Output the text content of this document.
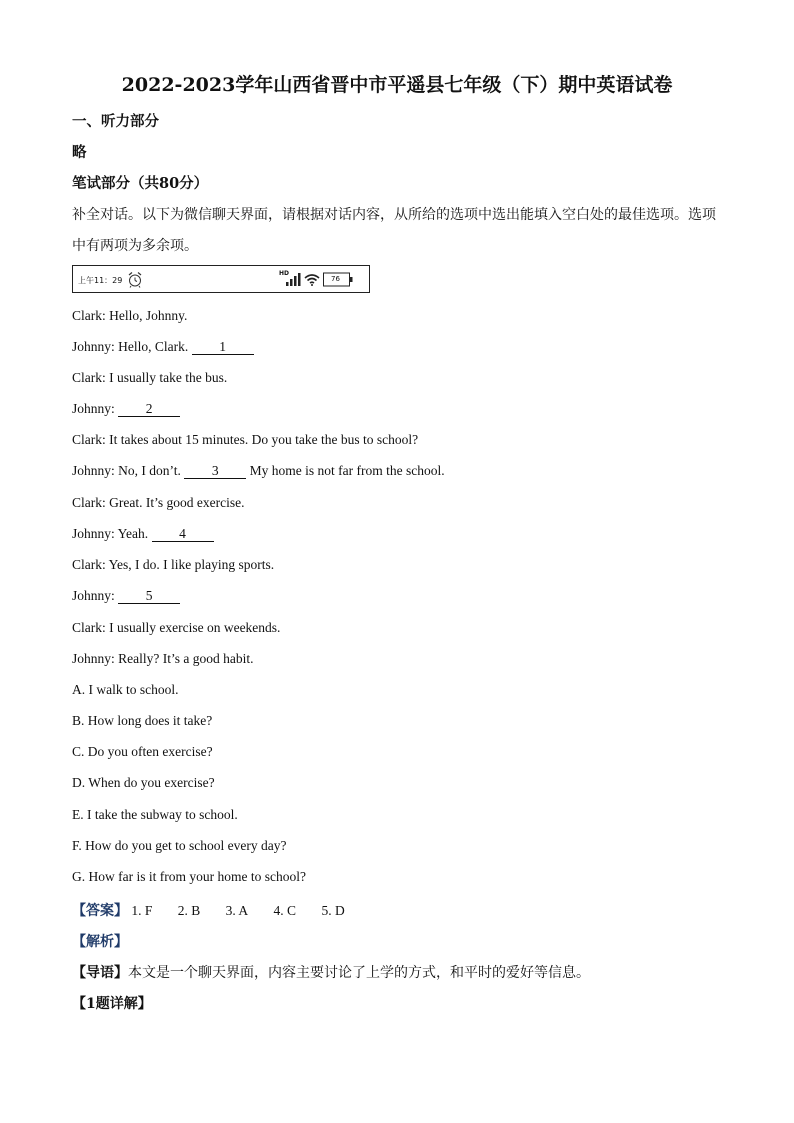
2022-2023学年山西省晋中市平遥县七年级（下）期中英语试卷
一、听力部分
略
笔试部分（共80分）
补全对话。以下为微信聊天界面，请根据对话内容，从所给的选项中选出能填入空白处的最佳选项。选项
中有两项为多余项。
上午11：29
HD
76
Clark: Hello, Johnny.
Johnny: Hello, Clark. 1
Clark: I usually take the bus.
Johnny: 2
Clark: It takes about 15 minutes. Do you take the bus to school?
Johnny: No, I don’t. 3 My home is not far from the school.
Clark: Great. It’s good exercise.
Johnny: Yeah. 4
Clark: Yes, I do. I like playing sports.
Johnny: 5
Clark: I usually exercise on weekends.
Johnny: Really? It’s a good habit.
A. I walk to school.
B. How long does it take?
C. Do you often exercise?
D. When do you exercise?
E. I take the subway to school.
F. How do you get to school every day?
G. How far is it from your home to school?
【答案】 1. F 2. B 3. A 4. C 5. D
【解析】
【导语】本文是一个聊天界面，内容主要讨论了上学的方式，和平时的爱好等信息。
【1题详解】
